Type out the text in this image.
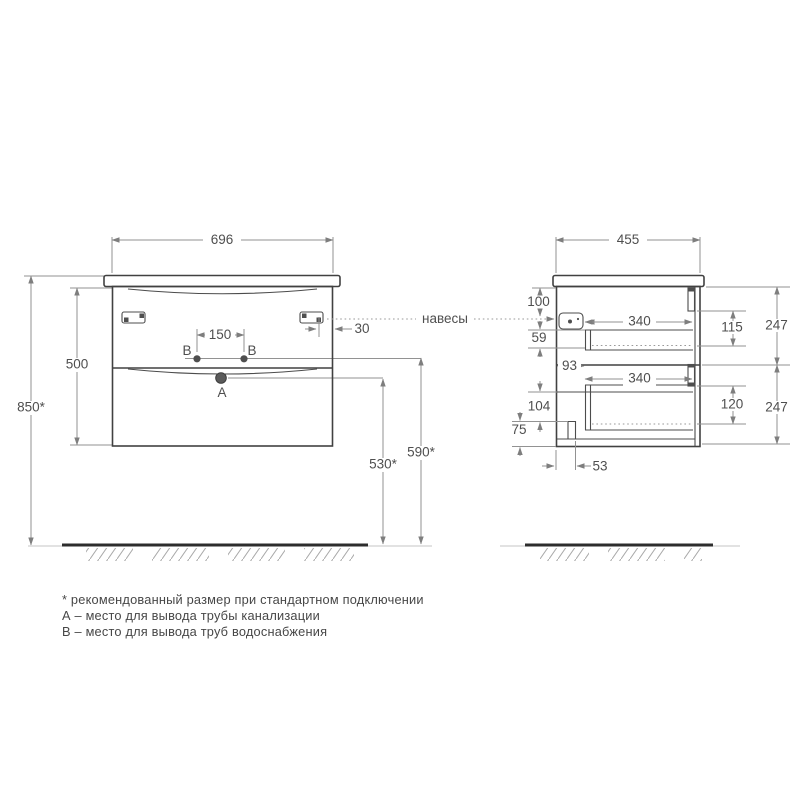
696
850*
500
30
150
B	B
A
530*
590*
навесы
455
100
59
93
340
340
104
75
53
115
120
247
247
* рекомендованный размер при стандартном подключении
А – место для вывода трубы канализации
В – место для вывода труб водоснабжения
